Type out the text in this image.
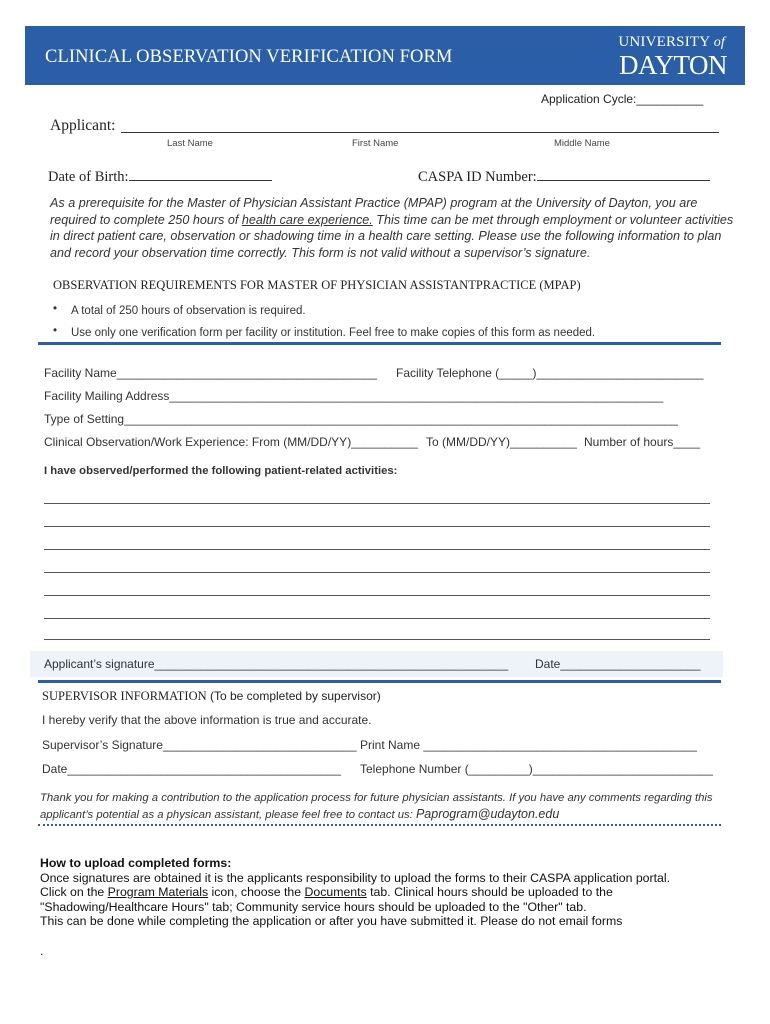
CLINICAL OBSERVATION VERIFICATION FORM
UNIVERSITY of
DAYTON
Application Cycle:__________
Applicant:
Last Name	First Name	Middle Name
Date of Birth:	CASPA ID Number:
As a prerequisite for the Master of Physician Assistant Practice (MPAP) program at the University of Dayton, you are required to complete 250 hours of health care experience. This time can be met through employment or volunteer activities in direct patient care, observation or shadowing time in a health care setting. Please use the following information to plan and record your observation time correctly. This form is not valid without a supervisor’s signature.
OBSERVATION REQUIREMENTS FOR MASTER OF PHYSICIAN ASSISTANTPRACTICE (MPAP)
• A total of 250 hours of observation is required.
• Use only one verification form per facility or institution. Feel free to make copies of this form as needed.
Facility Name_______________________________________ Facility Telephone (_____)_________________________
Facility Mailing Address__________________________________________________________________________
Type of Setting___________________________________________________________________________________
Clinical Observation/Work Experience: From (MM/DD/YY)__________ To (MM/DD/YY)__________ Number of hours____
I have observed/performed the following patient-related activities:
Applicant’s signature_____________________________________________________ Date_____________________
SUPERVISOR INFORMATION (To be completed by supervisor)
I hereby verify that the above information is true and accurate.
Supervisor’s Signature_____________________________ Print Name _________________________________________
Date_________________________________________ Telephone Number (_________)___________________________
Thank you for making a contribution to the application process for future physician assistants. If you have any comments regarding this applicant’s potential as a physican assistant, please feel free to contact us: Paprogram@udayton.edu
How to upload completed forms:
Once signatures are obtained it is the applicants responsibility to upload the forms to their CASPA application portal.
Click on the Program Materials icon, choose the Documents tab. Clinical hours should be uploaded to the
"Shadowing/Healthcare Hours" tab; Community service hours should be uploaded to the "Other" tab.
This can be done while completing the application or after you have submitted it. Please do not email forms
.
